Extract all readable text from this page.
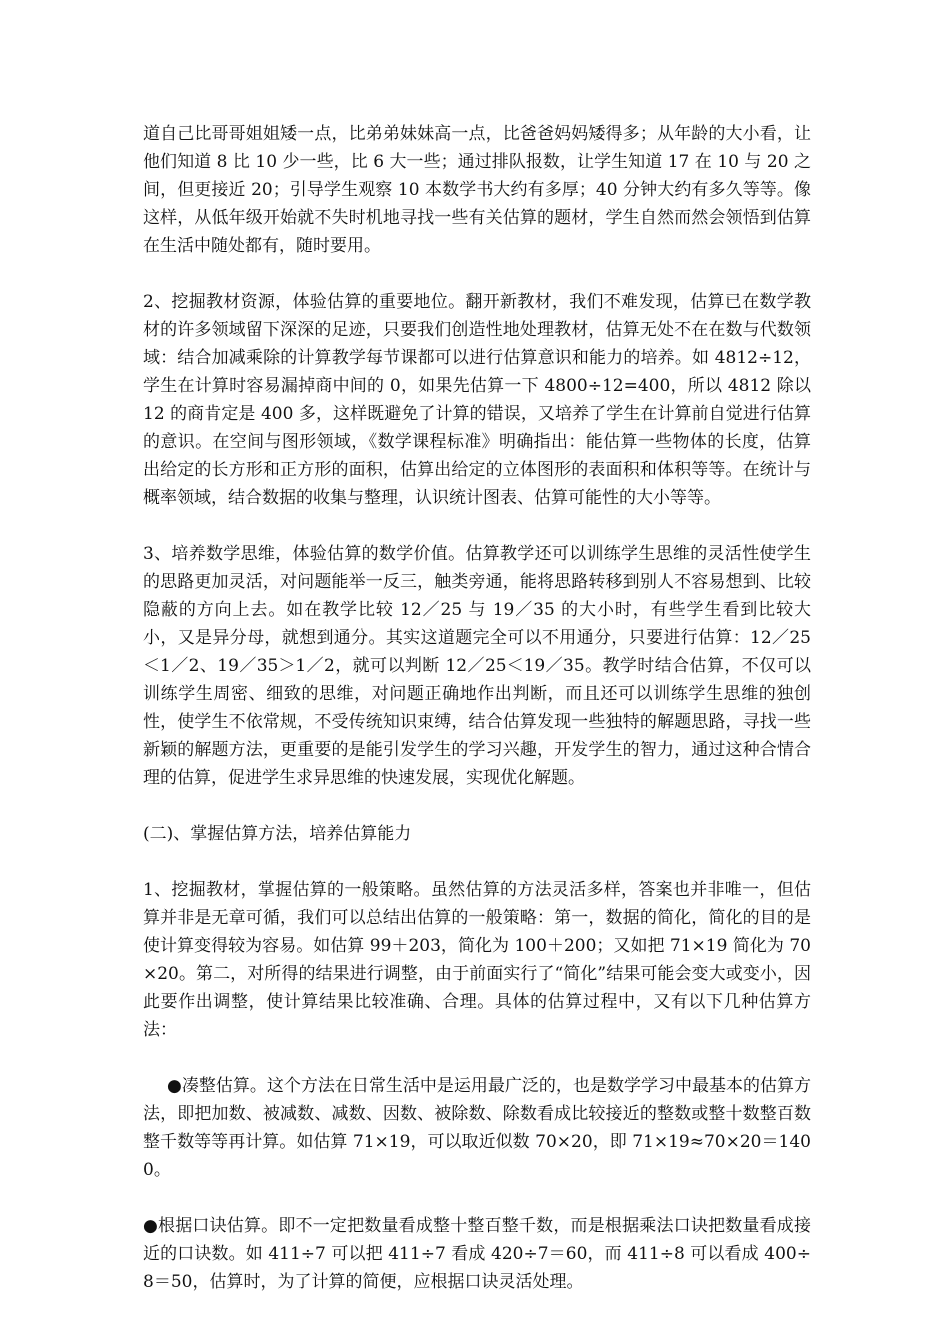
道自己比哥哥姐姐矮一点，比弟弟妹妹高一点，比爸爸妈妈矮得多；从年龄的大小看，让他们知道 8 比 10 少一些，比 6 大一些；通过排队报数，让学生知道 17 在 10 与 20 之间，但更接近 20；引导学生观察 10 本数学书大约有多厚；40 分钟大约有多久等等。像这样，从低年级开始就不失时机地寻找一些有关估算的题材，学生自然而然会领悟到估算在生活中随处都有，随时要用。

2、挖掘教材资源，体验估算的重要地位。翻开新教材，我们不难发现，估算已在数学教材的许多领域留下深深的足迹，只要我们创造性地处理教材，估算无处不在在数与代数领域：结合加减乘除的计算教学每节课都可以进行估算意识和能力的培养。如 4812÷12，学生在计算时容易漏掉商中间的 0，如果先估算一下 4800÷12=400，所以 4812 除以 12 的商肯定是 400 多，这样既避免了计算的错误，又培养了学生在计算前自觉进行估算的意识。在空间与图形领域，《数学课程标准》明确指出：能估算一些物体的长度，估算出给定的长方形和正方形的面积，估算出给定的立体图形的表面积和体积等等。在统计与概率领域，结合数据的收集与整理，认识统计图表、估算可能性的大小等等。

3、培养数学思维，体验估算的数学价值。估算教学还可以训练学生思维的灵活性使学生的思路更加灵活，对问题能举一反三，触类旁通，能将思路转移到别人不容易想到、比较隐蔽的方向上去。如在教学比较 12／25 与 19／35 的大小时，有些学生看到比较大小，又是异分母，就想到通分。其实这道题完全可以不用通分，只要进行估算：12／25＜1／2、19／35＞1／2，就可以判断 12／25＜19／35。教学时结合估算，不仅可以训练学生周密、细致的思维，对问题正确地作出判断，而且还可以训练学生思维的独创性，使学生不依常规，不受传统知识束缚，结合估算发现一些独特的解题思路，寻找一些新颖的解题方法，更重要的是能引发学生的学习兴趣，开发学生的智力，通过这种合情合理的估算，促进学生求异思维的快速发展，实现优化解题。

(二)、掌握估算方法，培养估算能力

1、挖掘教材，掌握估算的一般策略。虽然估算的方法灵活多样，答案也并非唯一，但估算并非是无章可循，我们可以总结出估算的一般策略：第一，数据的简化，简化的目的是使计算变得较为容易。如估算 99＋203，简化为 100＋200；又如把 71×19 简化为 70×20。第二，对所得的结果进行调整，由于前面实行了“简化”结果可能会变大或变小，因此要作出调整，使计算结果比较准确、合理。具体的估算过程中，又有以下几种估算方法：

●凑整估算。这个方法在日常生活中是运用最广泛的，也是数学学习中最基本的估算方法，即把加数、被减数、减数、因数、被除数、除数看成比较接近的整数或整十数整百数整千数等等再计算。如估算 71×19，可以取近似数 70×20，即 71×19≈70×20＝1400。

●根据口诀估算。即不一定把数量看成整十整百整千数，而是根据乘法口诀把数量看成接近的口诀数。如 411÷7 可以把 411÷7 看成 420÷7＝60，而 411÷8 可以看成 400÷8＝50，估算时，为了计算的简便，应根据口诀灵活处理。
